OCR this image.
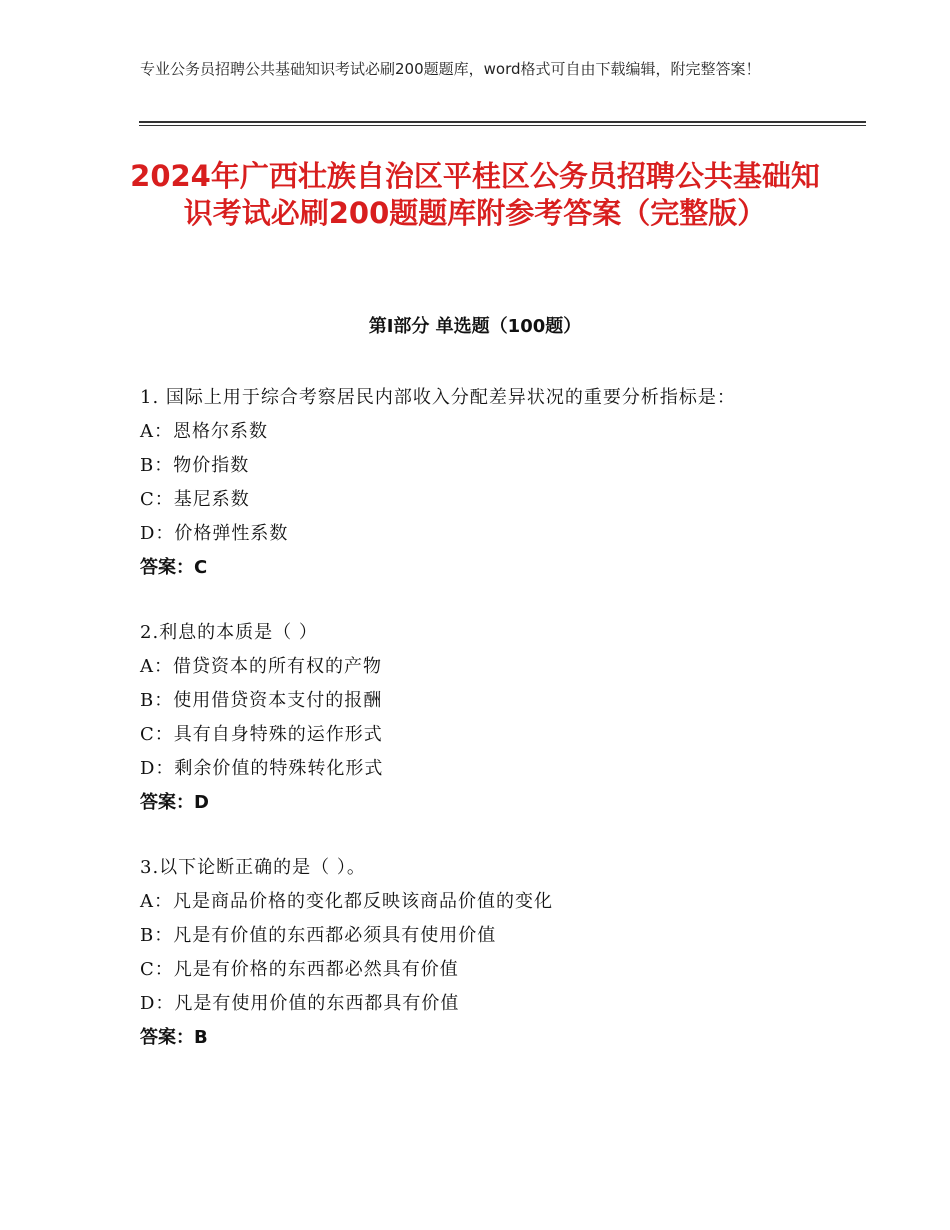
专业公务员招聘公共基础知识考试必刷200题题库，word格式可自由下载编辑，附完整答案！
2024年广西壮族自治区平桂区公务员招聘公共基础知识考试必刷200题题库附参考答案（完整版）
第Ⅰ部分 单选题（100题）
1. 国际上用于综合考察居民内部收入分配差异状况的重要分析指标是：
A：恩格尔系数
B：物价指数
C：基尼系数
D：价格弹性系数
答案：C
2.利息的本质是（ ）
A：借贷资本的所有权的产物
B：使用借贷资本支付的报酬
C：具有自身特殊的运作形式
D：剩余价值的特殊转化形式
答案：D
3.以下论断正确的是（ ）。
A：凡是商品价格的变化都反映该商品价值的变化
B：凡是有价值的东西都必须具有使用价值
C：凡是有价格的东西都必然具有价值
D：凡是有使用价值的东西都具有价值
答案：B
